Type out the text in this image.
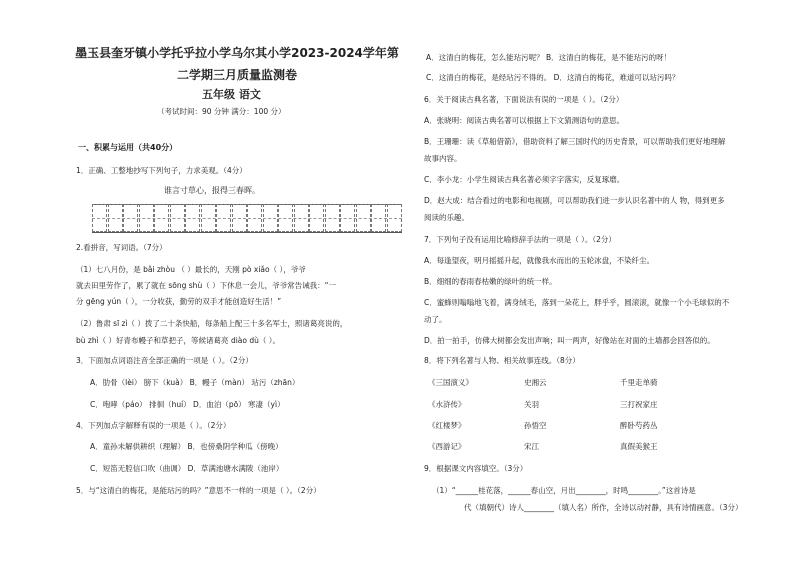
墨玉县奎牙镇小学托乎拉小学乌尔其小学2023-2024学年第
二学期三月质量监测卷
五年级 语文
（考试时间：90 分钟 满分：100 分）
一、积累与运用（共40分）
1．正确、工整地抄写下列句子，力求美观。（4分）
谁言寸草心，报得三春晖。
2.看拼音，写词语。（7分）
（1）七八月份，是 bǎi zhòu （ ）最长的，天刚 pò xiǎo（ ），爷爷
就去田里劳作了，累了就在 sōng shù（ ）下休息一会儿，爷爷常告诫我：“一
分 gēng yún（ ），一分收获，勤劳的双手才能创造好生活！”
（2）鲁肃 sī zì（ ）拨了二十条快船，每条船上配三十多名军士，照诸葛亮说的，
bù zhì（ ）好青布幔子和草把子，等候诸葛亮 diào dù（ ）。
3．下面加点词语注音全部正确的一项是（ ）。（2分）
A．肋骨（lèi） 膀下（kuà） B．幔子（màn） 玷污（zhān）
C．咆哮（páo） 排徊（huí） D．血泊（pō） 寒凄（yì）
4．下列加点字解释有误的一项是（ ）。（2分）
A．童孙未解供耕织（理解） B．也傍桑阴学种瓜（傍晚）
C．短笛无腔信口吹（曲调） D．草满池塘水满陂（池岸）
5．与“这清白的梅花，是能玷污的吗？”意思不一样的一项是（ ）。（2分）
A．这清白的梅花，怎么能玷污呢？ B．这清白的梅花，是不能玷污的呀！
C．这清白的梅花，是经玷污不得的。 D．这清白的梅花，难道可以玷污吗？
6．关于阅读古典名著，下面说法有误的一项是（ ）。（2分）
A．张晓明：阅读古典名著可以根据上下文猜测语句的意思。
B．王珊珊：读《草船借箭》，借助资料了解三国时代的历史背景，可以帮助我们更好地理解
故事内容。
C．李小龙：小学生阅读古典名著必须字字落实，反复琢磨。
D．赵大成：结合看过的电影和电视剧，可以帮助我们进一步认识名著中的人 物，得到更多
阅读的乐趣。
7．下列句子没有运用比喻修辞手法的一项是（ ）。（2分）
A．每逢望夜，明月摇摇升起，就像我水而出的玉轮冰盘，不染纤尘。
B．细细的春雨春枯嫩的绿叶的统一样。
C．蜜蜂则嗡嗡地飞着，满身绒毛，落到一朵花上，胖乎乎，圆滚滚，就像一个小毛球似的不
动了。
D．拍一拍手，仿佛大树都会发出声响；叫一两声，好像站在对面的土墙都会回答似的。
8．将下列名著与人物、相关故事连线。（8分）
《三国演义》
《水浒传》
《红楼梦》
《西游记》
史湘云
关羽
孙悟空
宋江
千里走单骑
三打祝家庄
醉卧芍药丛
真假美猴王
9．根据课文内容填空。（3分）
（1）“______桂花落，______春山空，月出________，时鸣________。”这首诗是
代（填朝代）诗人________（填人名）所作，全诗以动衬静，具有诗情画意。（3分）
